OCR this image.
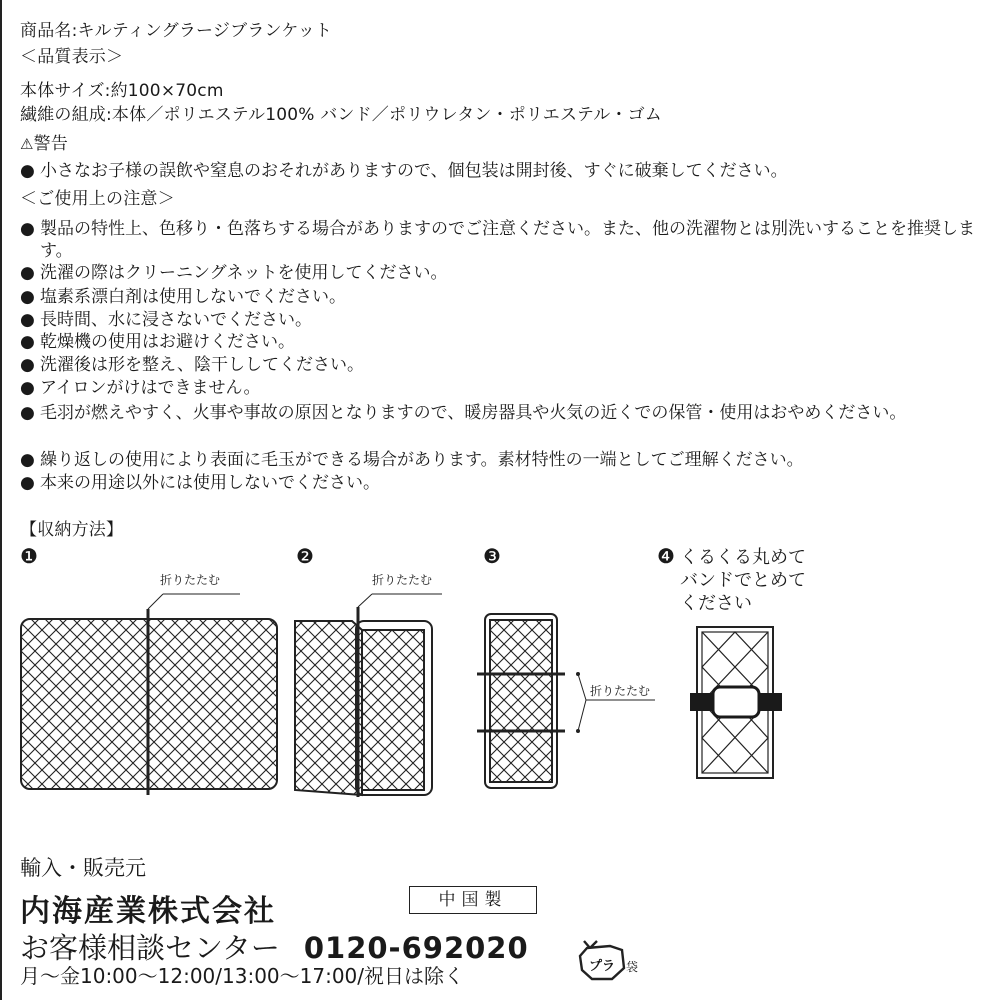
商品名:キルティングラージブランケット
＜品質表示＞
本体サイズ:約100×70cm
繊維の組成:本体／ポリエステル100% バンド／ポリウレタン・ポリエステル・ゴム
⚠警告
● 小さなお子様の誤飲や窒息のおそれがありますので、個包装は開封後、すぐに破棄してください。
＜ご使用上の注意＞
● 製品の特性上、色移り・色落ちする場合がありますのでご注意ください。また、他の洗濯物とは別洗いすることを推奨します。
● 洗濯の際はクリーニングネットを使用してください。
● 塩素系漂白剤は使用しないでください。
● 長時間、水に浸さないでください。
● 乾燥機の使用はお避けください。
● 洗濯後は形を整え、陰干ししてください。
● アイロンがけはできません。
● 毛羽が燃えやすく、火事や事故の原因となりますので、暖房器具や火気の近くでの保管・使用はおやめください。
● 繰り返しの使用により表面に毛玉ができる場合があります。素材特性の一端としてご理解ください。
● 本来の用途以外には使用しないでください。
【収納方法】
❶	❷	❸	❹
折りたたむ	折りたたむ
折りたたむ
くるくる丸めて
バンドでとめて
ください
輸入・販売元
内海産業株式会社	中国製
お客様相談センター 0120-692020
月～金10:00～12:00/13:00～17:00/祝日は除く	プラ 袋
